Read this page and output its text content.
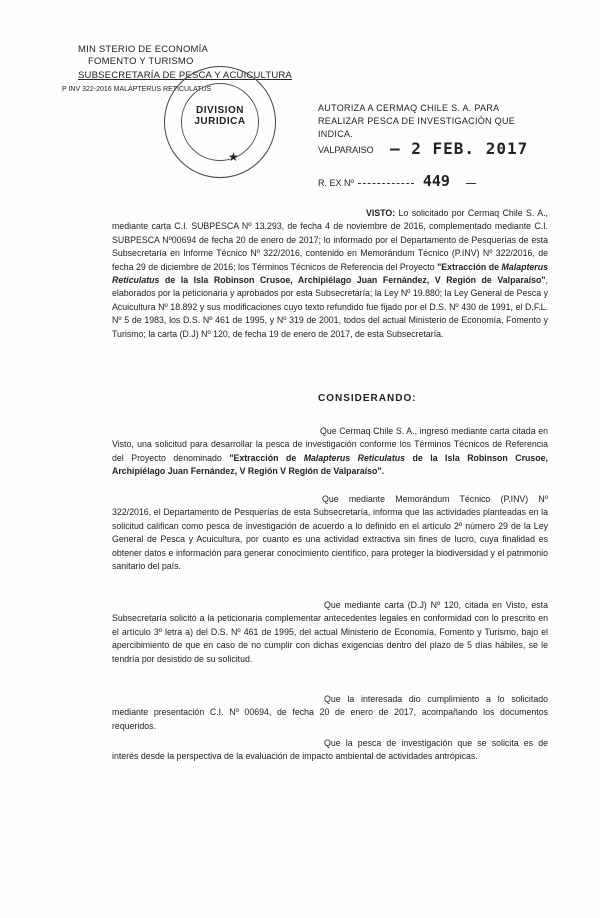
MIN STERIO DE ECONOMÍA
FOMENTO Y TURISMO
SUBSECRETARÍA DE PESCA Y ACUICULTURA
P INV 322-2016 MALAPTERUS RETICULATUS
DIVISION
JURIDICA
★
AUTORIZA A CERMAQ CHILE S. A. PARA REALIZAR PESCA DE INVESTIGACIÓN QUE INDICA.
VALPARAISO – 2 FEB. 2017
R. EX Nº	449
VISTO: Lo solicitado por Cermaq Chile S. A., mediante carta C.I. SUBPESCA Nº 13.293, de fecha 4 de noviembre de 2016, complementado mediante C.I. SUBPESCA Nº00694 de fecha 20 de enero de 2017; lo informado por el Departamento de Pesquerías de esta Subsecretaría en Informe Técnico Nº 322/2016, contenido en Memorándum Técnico (P.INV) Nº 322/2016, de fecha 29 de diciembre de 2016; los Términos Técnicos de Referencia del Proyecto "Extracción de Malapterus Reticulatus de la Isla Robinson Crusoe, Archipiélago Juan Fernández, V Región de Valparaíso", elaborados por la peticionaria y aprobados por esta Subsecretaría; la Ley Nº 19.880; la Ley General de Pesca y Acuicultura Nº 18.892 y sus modificaciones cuyo texto refundido fue fijado por el D.S. Nº 430 de 1991, el D.F.L. Nº 5 de 1983, los D.S. Nº 461 de 1995, y Nº 319 de 2001, todos del actual Ministerio de Economía, Fomento y Turismo; la carta (D.J) Nº 120, de fecha 19 de enero de 2017, de esta Subsecretaría.
CONSIDERANDO:
Que Cermaq Chile S. A., ingresó mediante carta citada en Visto, una solicitud para desarrollar la pesca de investigación conforme los Términos Técnicos de Referencia del Proyecto denominado "Extracción de Malapterus Reticulatus de la Isla Robinson Crusoe, Archipiélago Juan Fernández, V Región V Región de Valparaíso".
Que mediante Memorándum Técnico (P.INV) Nº 322/2016, el Departamento de Pesquerías de esta Subsecretaría, informa que las actividades planteadas en la solicitud califican como pesca de investigación de acuerdo a lo definido en el artículo 2º número 29 de la Ley General de Pesca y Acuicultura, por cuanto es una actividad extractiva sin fines de lucro, cuya finalidad es obtener datos e información para generar conocimiento científico, para proteger la biodiversidad y el patrimonio sanitario del país.
Que mediante carta (D.J) Nº 120, citada en Visto, esta Subsecretaría solicitó a la peticionaria complementar antecedentes legales en conformidad con lo prescrito en el artículo 3º letra a) del D.S. Nº 461 de 1995, del actual Ministerio de Economía, Fomento y Turismo, bajo el apercibimiento de que en caso de no cumplir con dichas exigencias dentro del plazo de 5 días hábiles, se le tendría por desistido de su solicitud.
Que la interesada dio cumplimiento a lo solicitado mediante presentación C.I. Nº 00694, de fecha 20 de enero de 2017, acompañando los documentos requeridos.
Que la pesca de investigación que se solicita es de interés desde la perspectiva de la evaluación de impacto ambiental de actividades antrópicas.
